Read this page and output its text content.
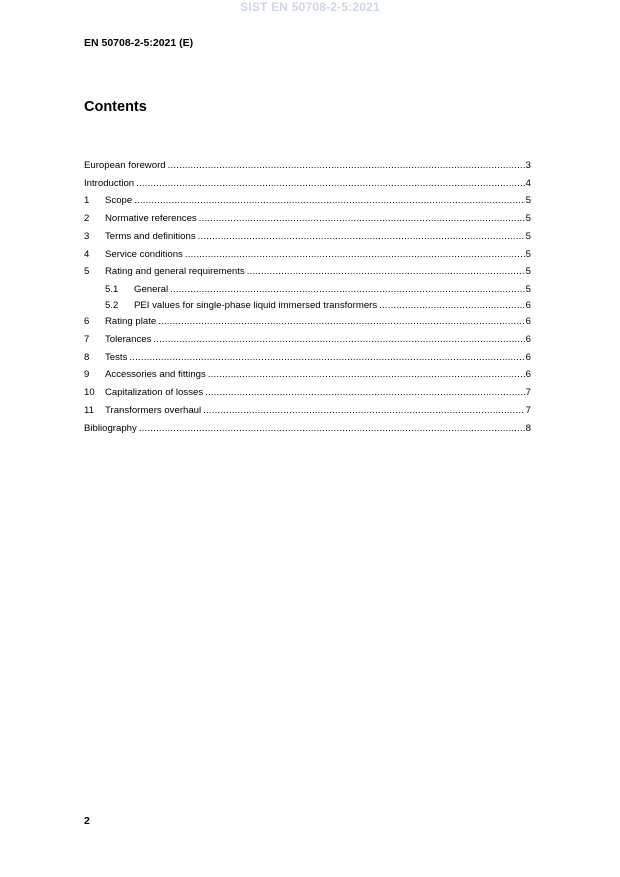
SIST EN 50708-2-5:2021
EN 50708-2-5:2021 (E)
Contents
European foreword .....	3
Introduction .....	4
1	Scope .....	5
2	Normative references .....	5
3	Terms and definitions .....	5
4	Service conditions .....	5
5	Rating and general requirements .....	5
5.1	General .....	5
5.2	PEI values for single-phase liquid immersed transformers .....	6
6	Rating plate .....	6
7	Tolerances .....	6
8	Tests .....	6
9	Accessories and fittings .....	6
10	Capitalization of losses .....	7
11	Transformers overhaul .....	7
Bibliography .....	8
2
